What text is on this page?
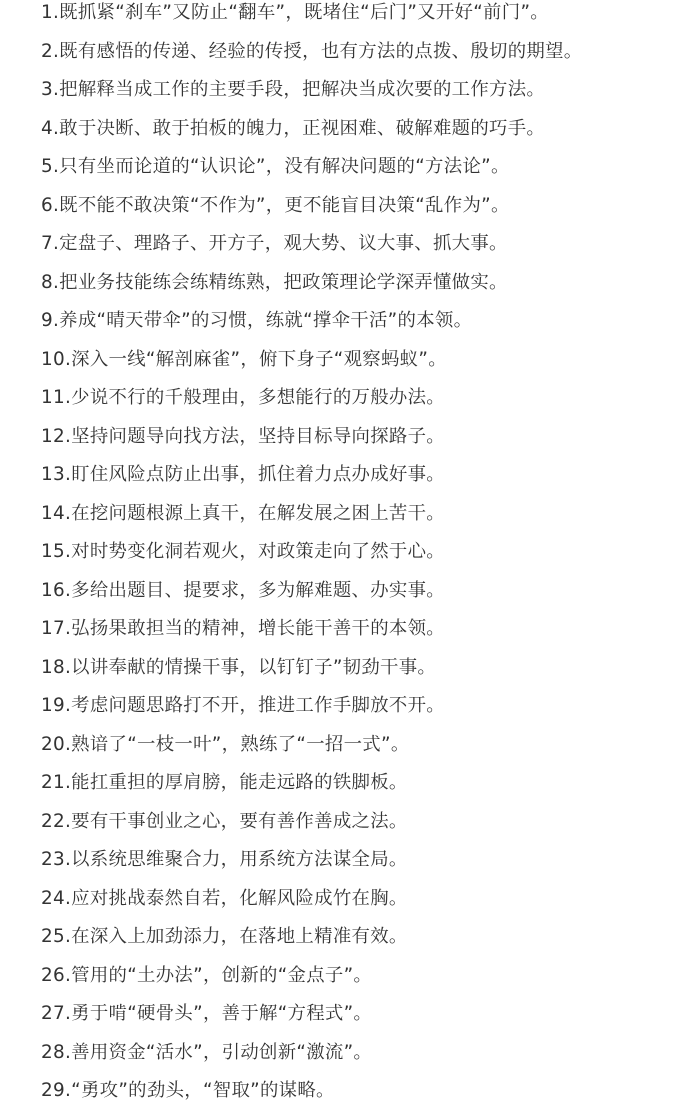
1.既抓紧“刹车”又防止“翻车”，既堵住“后门”又开好“前门”。
2.既有感悟的传递、经验的传授，也有方法的点拨、殷切的期望。
3.把解释当成工作的主要手段，把解决当成次要的工作方法。
4.敢于决断、敢于拍板的魄力，正视困难、破解难题的巧手。
5.只有坐而论道的“认识论”，没有解决问题的“方法论”。
6.既不能不敢决策“不作为”，更不能盲目决策“乱作为”。
7.定盘子、理路子、开方子，观大势、议大事、抓大事。
8.把业务技能练会练精练熟，把政策理论学深弄懂做实。
9.养成“晴天带伞”的习惯，练就“撑伞干活”的本领。
10.深入一线“解剖麻雀”，俯下身子“观察蚂蚁”。
11.少说不行的千般理由，多想能行的万般办法。
12.坚持问题导向找方法，坚持目标导向探路子。
13.盯住风险点防止出事，抓住着力点办成好事。
14.在挖问题根源上真干，在解发展之困上苦干。
15.对时势变化洞若观火，对政策走向了然于心。
16.多给出题目、提要求，多为解难题、办实事。
17.弘扬果敢担当的精神，增长能干善干的本领。
18.以讲奉献的情操干事，以钉钉子”韧劲干事。
19.考虑问题思路打不开，推进工作手脚放不开。
20.熟谙了“一枝一叶”，熟练了“一招一式”。
21.能扛重担的厚肩膀，能走远路的铁脚板。
22.要有干事创业之心，要有善作善成之法。
23.以系统思维聚合力，用系统方法谋全局。
24.应对挑战泰然自若，化解风险成竹在胸。
25.在深入上加劲添力，在落地上精准有效。
26.管用的“土办法”，创新的“金点子”。
27.勇于啃“硬骨头”，善于解“方程式”。
28.善用资金“活水”，引动创新“激流”。
29.“勇攻”的劲头，“智取”的谋略。
